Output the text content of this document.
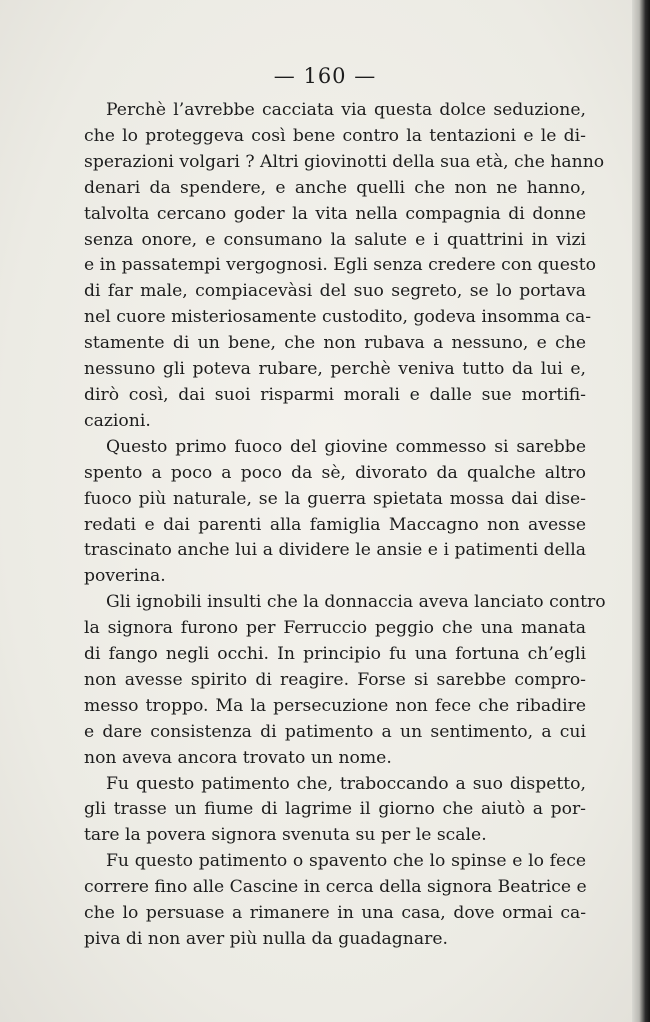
— 160 —

Perchè l’avrebbe cacciata via questa dolce seduzione,
che lo proteggeva così bene contro la tentazioni e le di-
sperazioni volgari ? Altri giovinotti della sua età, che hanno
denari da spendere, e anche quelli che non ne hanno,
talvolta cercano goder la vita nella compagnia di donne
senza onore, e consumano la salute e i quattrini in vizi
e in passatempi vergognosi. Egli senza credere con questo
di far male, compiacevàsi del suo segreto, se lo portava
nel cuore misteriosamente custodito, godeva insomma ca-
stamente di un bene, che non rubava a nessuno, e che
nessuno gli poteva rubare, perchè veniva tutto da lui e,
dirò così, dai suoi risparmi morali e dalle sue mortifi-
cazioni.

Questo primo fuoco del giovine commesso si sarebbe
spento a poco a poco da sè, divorato da qualche altro
fuoco più naturale, se la guerra spietata mossa dai dise-
redati e dai parenti alla famiglia Maccagno non avesse
trascinato anche lui a dividere le ansie e i patimenti della
poverina.

Gli ignobili insulti che la donnaccia aveva lanciato contro
la signora furono per Ferruccio peggio che una manata
di fango negli occhi. In principio fu una fortuna ch’egli
non avesse spirito di reagire. Forse si sarebbe compro-
messo troppo. Ma la persecuzione non fece che ribadire
e dare consistenza di patimento a un sentimento, a cui
non aveva ancora trovato un nome.

Fu questo patimento che, traboccando a suo dispetto,
gli trasse un fiume di lagrime il giorno che aiutò a por-
tare la povera signora svenuta su per le scale.

Fu questo patimento o spavento che lo spinse e lo fece
correre fino alle Cascine in cerca della signora Beatrice e
che lo persuase a rimanere in una casa, dove ormai ca-
piva di non aver più nulla da guadagnare.
